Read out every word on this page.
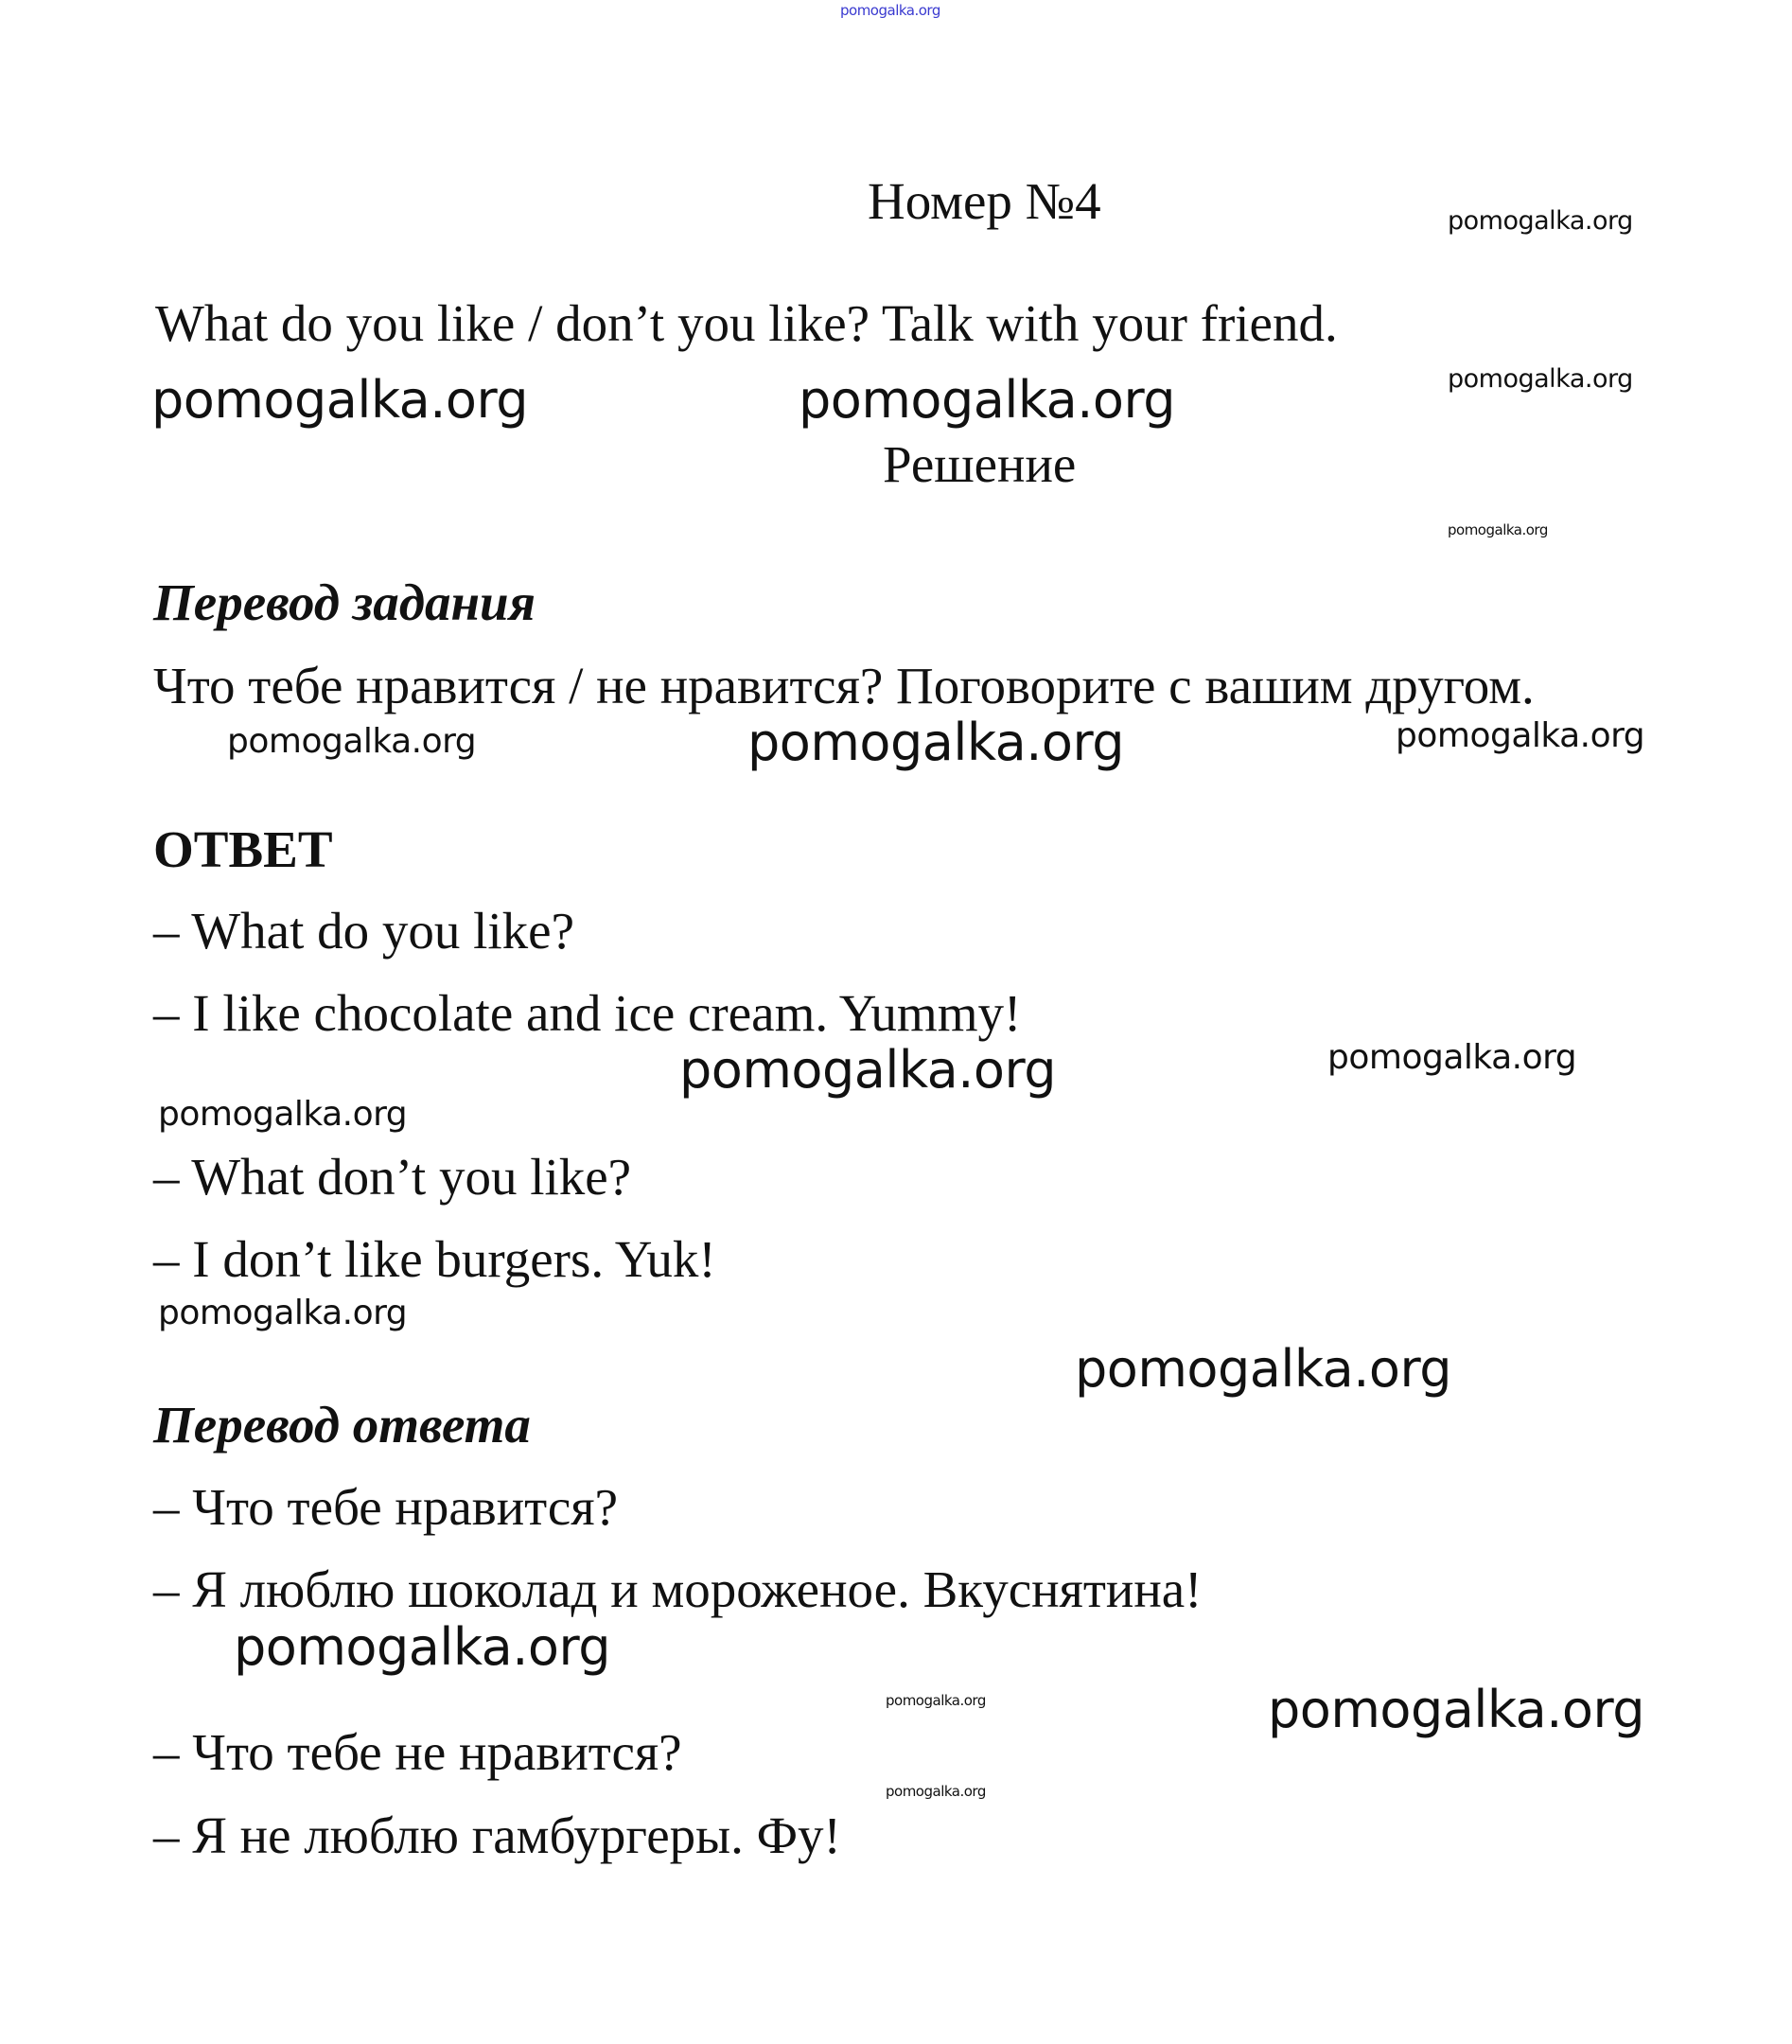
pomogalka.org
Номер №4	pomogalka.org
What do you like / don’t you like? Talk with your friend.
pomogalka.org
pomogalka.org	pomogalka.org
Решение
pomogalka.org
Перевод задания
Что тебе нравится / не нравится? Поговорите с вашим другом.
pomogalka.org	pomogalka.org	pomogalka.org
ОТВЕТ
– What do you like?
– I like chocolate and ice cream. Yummy!
pomogalka.org	pomogalka.org
pomogalka.org
– What don’t you like?
– I don’t like burgers. Yuk!
pomogalka.org
pomogalka.org
Перевод ответа
– Что тебе нравится?
– Я люблю шоколад и мороженое. Вкуснятина!
pomogalka.org
pomogalka.org	pomogalka.org
– Что тебе не нравится?
pomogalka.org
– Я не люблю гамбургеры. Фу!
